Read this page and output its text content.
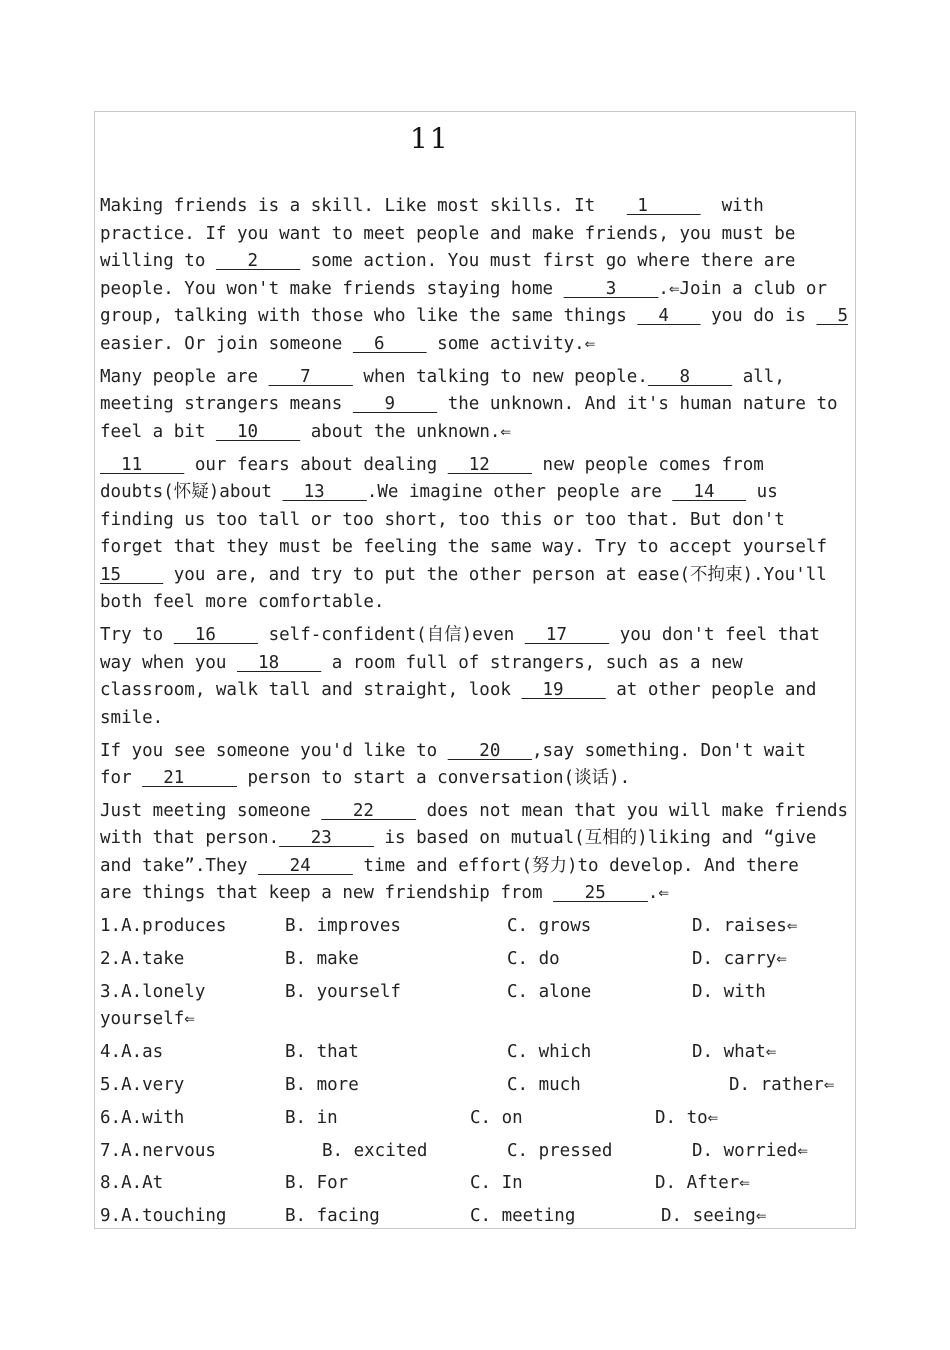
11
Making friends is a skill. Like most skills. It    1       with
practice. If you want to meet people and make friends, you must be
willing to    2     some action. You must first go where there are
people. You won't make friends staying home     3    .⇐Join a club or
group, talking with those who like the same things   4    you do is   5
easier. Or join someone   6     some activity.⇐
Many people are    7     when talking to new people.   8     all,
meeting strangers means    9     the unknown. And it's human nature to
feel a bit   10     about the unknown.⇐
11     our fears about dealing   12     new people comes from
doubts(怀疑)about   13    .We imagine other people are   14    us
finding us too tall or too short, too this or too that. But don't
forget that they must be feeling the same way. Try to accept yourself
15     you are, and try to put the other person at ease(不拘束).You'll
both feel more comfortable.
Try to   16     self-confident(自信)even   17     you don't feel that
way when you   18     a room full of strangers, such as a new
classroom, walk tall and straight, look   19     at other people and
smile.
If you see someone you'd like to    20   ,say something. Don't wait
for   21      person to start a conversation(谈话).
Just meeting someone    22     does not mean that you will make friends
with that person.   23     is based on mutual(互相的)liking and “give
and take”.They    24     time and effort(努力)to develop. And there
are things that keep a new friendship from    25    .⇐
1.A.produces	B. improves	C. grows	D. raises⇐
2.A.take	B. make	C. do	D. carry⇐
3.A.lonely	B. yourself	C. alone	D. with
yourself⇐
4.A.as	B. that	C. which	D. what⇐
5.A.very	B. more	C. much	D. rather⇐
6.A.with	B. in	C. on	D. to⇐
7.A.nervous	B. excited	C. pressed	D. worried⇐
8.A.At	B. For	C. In	D. After⇐
9.A.touching	B. facing	C. meeting	D. seeing⇐
